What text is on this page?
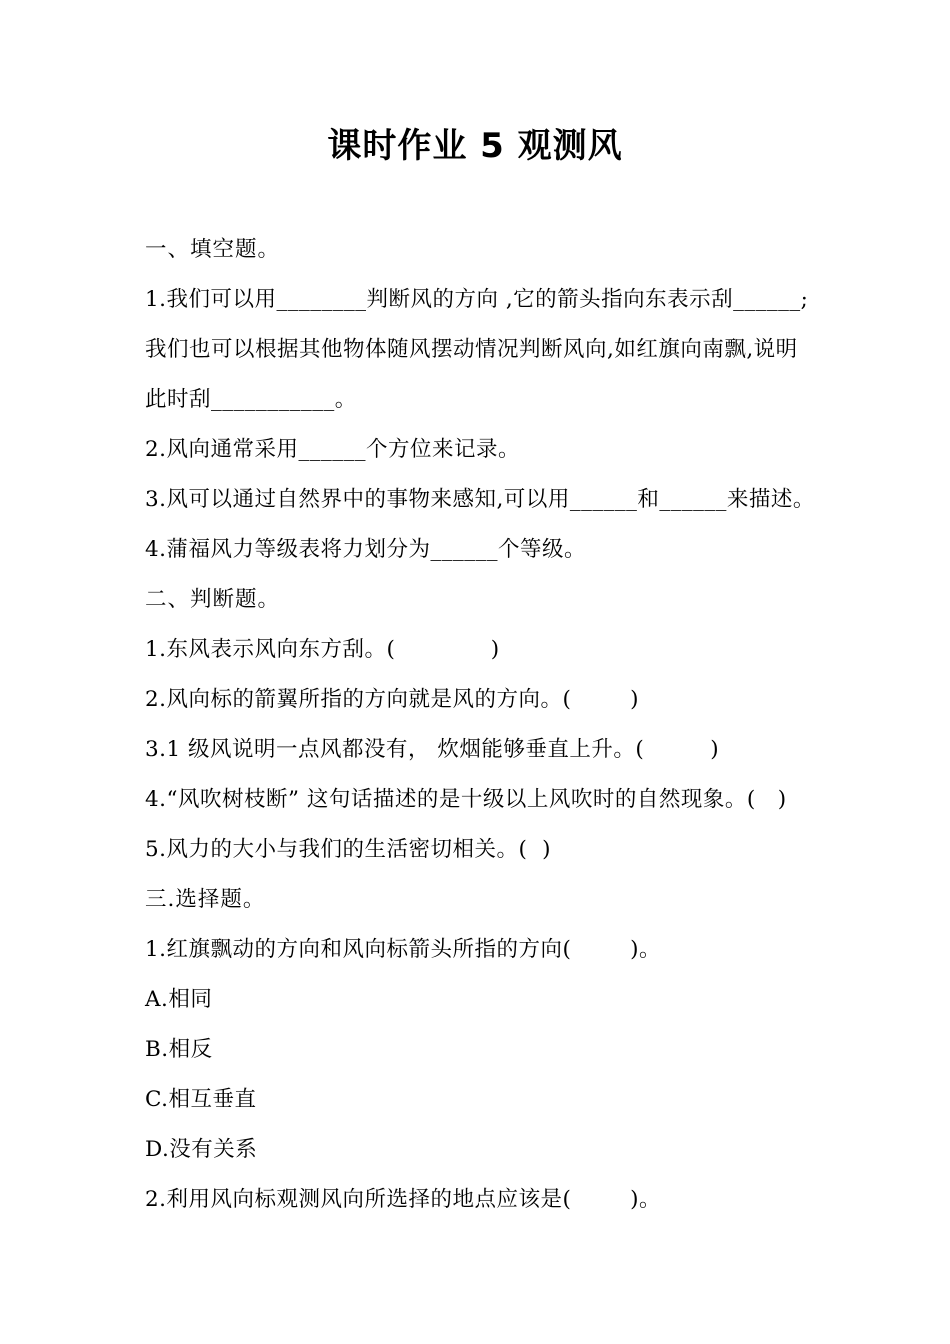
课时作业 5 观测风
一、填空题。
1.我们可以用________判断风的方向 ,它的箭头指向东表示刮______;
我们也可以根据其他物体随风摆动情况判断风向,如红旗向南飘,说明
此时刮___________。
2.风向通常采用______个方位来记录。
3.风可以通过自然界中的事物来感知,可以用______和______来描述。
4.蒲福风力等级表将力划分为______个等级。
二、判断题。
1.东风表示风向东方刮。(             )
2.风向标的箭翼所指的方向就是风的方向。(        )
3.1 级风说明一点风都没有， 炊烟能够垂直上升。(         )
4.“风吹树枝断” 这句话描述的是十级以上风吹时的自然现象。(   )
5.风力的大小与我们的生活密切相关。(  )
三.选择题。
1.红旗飘动的方向和风向标箭头所指的方向(        )。
A.相同
B.相反
C.相互垂直
D.没有关系
2.利用风向标观测风向所选择的地点应该是(        )。
